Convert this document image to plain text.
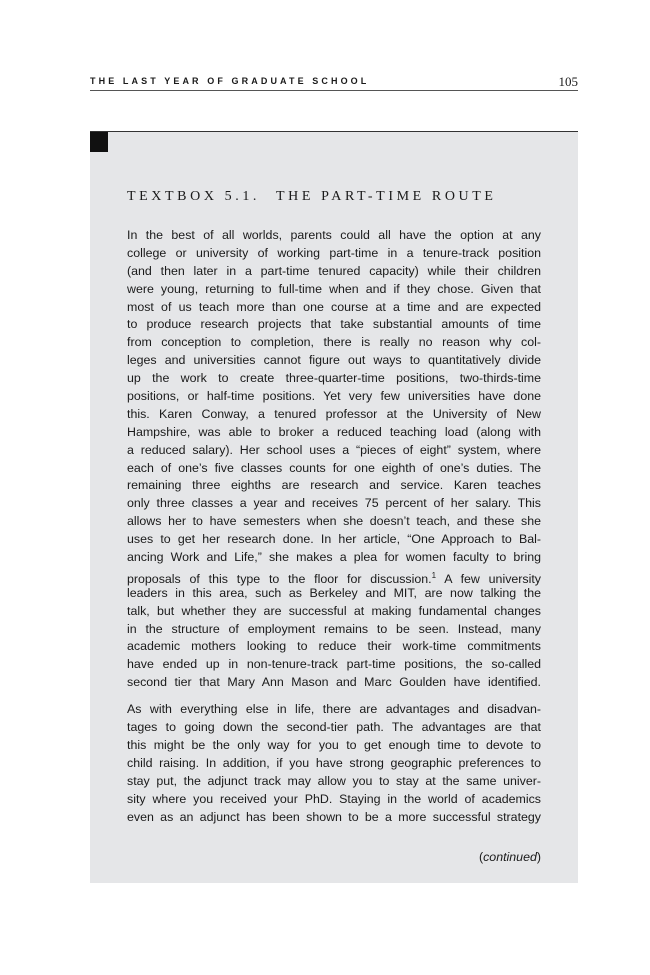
THE LAST YEAR OF GRADUATE SCHOOL	105
TEXTBOX 5.1. THE PART-TIME ROUTE
In the best of all worlds, parents could all have the option at any
college or university of working part-time in a tenure-track position
(and then later in a part-time tenured capacity) while their children
were young, returning to full-time when and if they chose. Given that
most of us teach more than one course at a time and are expected
to produce research projects that take substantial amounts of time
from conception to completion, there is really no reason why col-
leges and universities cannot figure out ways to quantitatively divide
up the work to create three-quarter-time positions, two-thirds-time
positions, or half-time positions. Yet very few universities have done
this. Karen Conway, a tenured professor at the University of New
Hampshire, was able to broker a reduced teaching load (along with
a reduced salary). Her school uses a “pieces of eight” system, where
each of one’s five classes counts for one eighth of one’s duties. The
remaining three eighths are research and service. Karen teaches
only three classes a year and receives 75 percent of her salary. This
allows her to have semesters when she doesn’t teach, and these she
uses to get her research done. In her article, “One Approach to Bal-
ancing Work and Life,” she makes a plea for women faculty to bring
proposals of this type to the floor for discussion.$^1$ A few university
leaders in this area, such as Berkeley and MIT, are now talking the
talk, but whether they are successful at making fundamental changes
in the structure of employment remains to be seen. Instead, many
academic mothers looking to reduce their work-time commitments
have ended up in non-tenure-track part-time positions, the so-called
second tier that Mary Ann Mason and Marc Goulden have identified.
As with everything else in life, there are advantages and disadvan-
tages to going down the second-tier path. The advantages are that
this might be the only way for you to get enough time to devote to
child raising. In addition, if you have strong geographic preferences to
stay put, the adjunct track may allow you to stay at the same univer-
sity where you received your PhD. Staying in the world of academics
even as an adjunct has been shown to be a more successful strategy
(continued)
